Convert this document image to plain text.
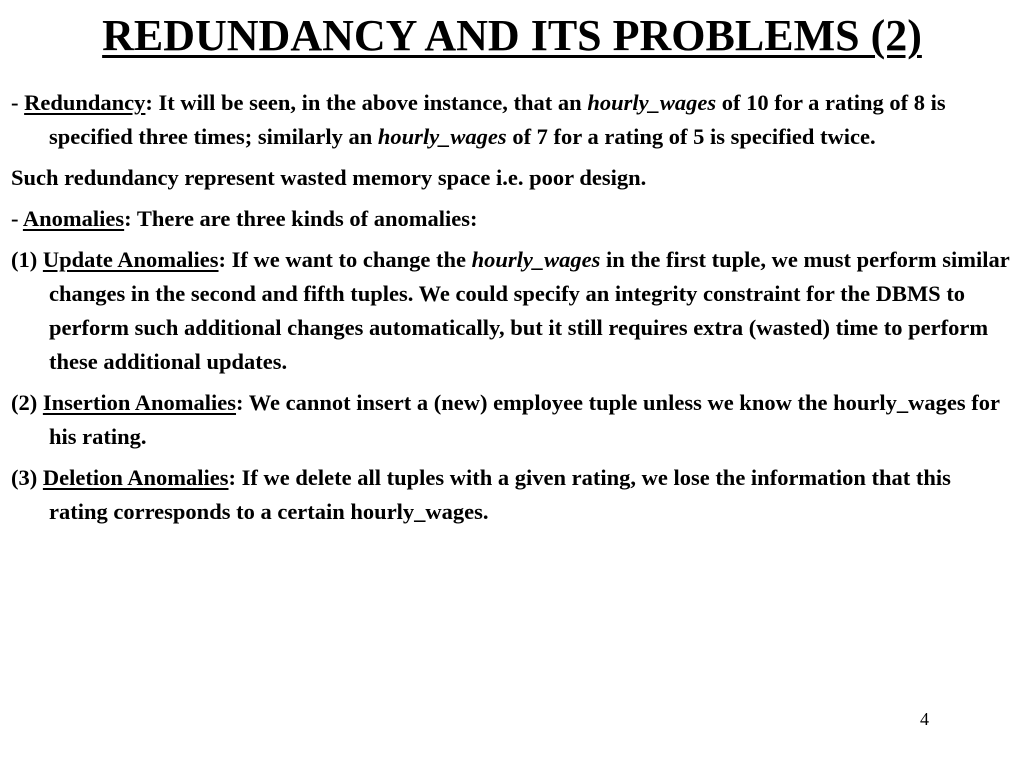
REDUNDANCY AND ITS PROBLEMS (2)

- Redundancy: It will be seen, in the above instance, that an hourly_wages of 10 for a rating of 8 is specified three times; similarly an hourly_wages of 7 for a rating of 5 is specified twice.

Such redundancy represent wasted memory space i.e. poor design.

- Anomalies: There are three kinds of anomalies:

(1) Update Anomalies: If we want to change the hourly_wages in the first tuple, we must perform similar changes in the second and fifth tuples. We could specify an integrity constraint for the DBMS to perform such additional changes automatically, but it still requires extra (wasted) time to perform these additional updates.

(2) Insertion Anomalies: We cannot insert a (new) employee tuple unless we know the hourly_wages for his rating.

(3) Deletion Anomalies: If we delete all tuples with a given rating, we lose the information that this rating corresponds to a certain hourly_wages.

4
